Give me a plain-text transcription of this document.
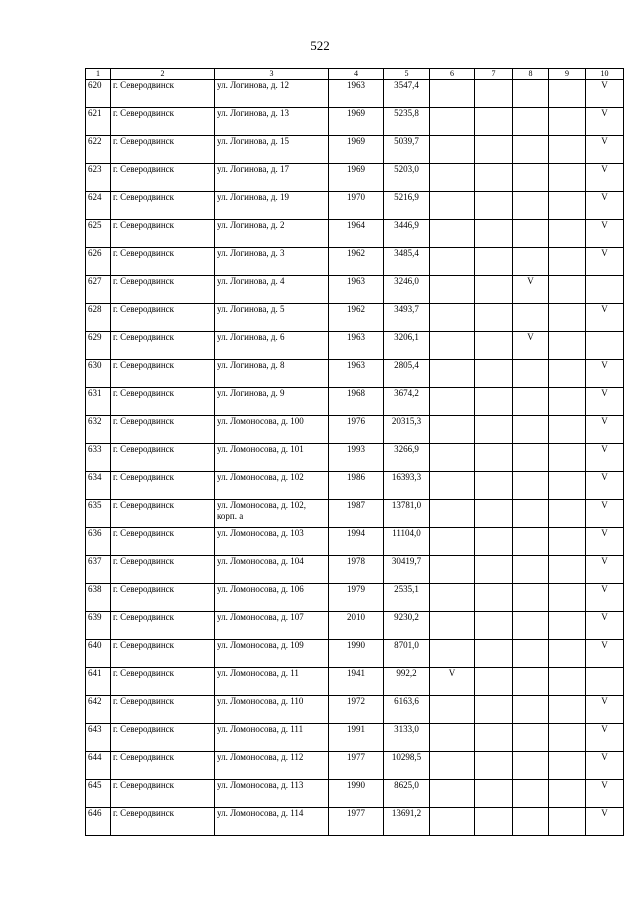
522
1	2	3	4	5	6	7	8	9	10
620	г. Северодвинск	ул. Логинова, д. 12	1963	3547,4					V
621	г. Северодвинск	ул. Логинова, д. 13	1969	5235,8					V
622	г. Северодвинск	ул. Логинова, д. 15	1969	5039,7					V
623	г. Северодвинск	ул. Логинова, д. 17	1969	5203,0					V
624	г. Северодвинск	ул. Логинова, д. 19	1970	5216,9					V
625	г. Северодвинск	ул. Логинова, д. 2	1964	3446,9					V
626	г. Северодвинск	ул. Логинова, д. 3	1962	3485,4					V
627	г. Северодвинск	ул. Логинова, д. 4	1963	3246,0			V		
628	г. Северодвинск	ул. Логинова, д. 5	1962	3493,7					V
629	г. Северодвинск	ул. Логинова, д. 6	1963	3206,1			V		
630	г. Северодвинск	ул. Логинова, д. 8	1963	2805,4					V
631	г. Северодвинск	ул. Логинова, д. 9	1968	3674,2					V
632	г. Северодвинск	ул. Ломоносова, д. 100	1976	20315,3					V
633	г. Северодвинск	ул. Ломоносова, д. 101	1993	3266,9					V
634	г. Северодвинск	ул. Ломоносова, д. 102	1986	16393,3					V
635	г. Северодвинск	ул. Ломоносова, д. 102, корп. а	1987	13781,0					V
636	г. Северодвинск	ул. Ломоносова, д. 103	1994	11104,0					V
637	г. Северодвинск	ул. Ломоносова, д. 104	1978	30419,7					V
638	г. Северодвинск	ул. Ломоносова, д. 106	1979	2535,1					V
639	г. Северодвинск	ул. Ломоносова, д. 107	2010	9230,2					V
640	г. Северодвинск	ул. Ломоносова, д. 109	1990	8701,0					V
641	г. Северодвинск	ул. Ломоносова, д. 11	1941	992,2	V				
642	г. Северодвинск	ул. Ломоносова, д. 110	1972	6163,6					V
643	г. Северодвинск	ул. Ломоносова, д. 111	1991	3133,0					V
644	г. Северодвинск	ул. Ломоносова, д. 112	1977	10298,5					V
645	г. Северодвинск	ул. Ломоносова, д. 113	1990	8625,0					V
646	г. Северодвинск	ул. Ломоносова, д. 114	1977	13691,2					V
